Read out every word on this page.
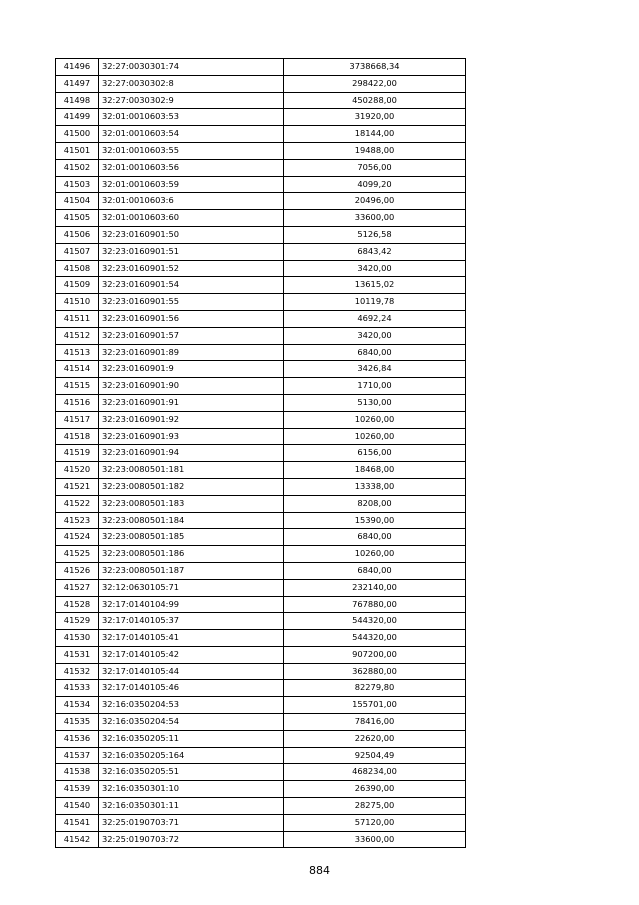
41496	32:27:0030301:74	3738668,34
41497	32:27:0030302:8	298422,00
41498	32:27:0030302:9	450288,00
41499	32:01:0010603:53	31920,00
41500	32:01:0010603:54	18144,00
41501	32:01:0010603:55	19488,00
41502	32:01:0010603:56	7056,00
41503	32:01:0010603:59	4099,20
41504	32:01:0010603:6	20496,00
41505	32:01:0010603:60	33600,00
41506	32:23:0160901:50	5126,58
41507	32:23:0160901:51	6843,42
41508	32:23:0160901:52	3420,00
41509	32:23:0160901:54	13615,02
41510	32:23:0160901:55	10119,78
41511	32:23:0160901:56	4692,24
41512	32:23:0160901:57	3420,00
41513	32:23:0160901:89	6840,00
41514	32:23:0160901:9	3426,84
41515	32:23:0160901:90	1710,00
41516	32:23:0160901:91	5130,00
41517	32:23:0160901:92	10260,00
41518	32:23:0160901:93	10260,00
41519	32:23:0160901:94	6156,00
41520	32:23:0080501:181	18468,00
41521	32:23:0080501:182	13338,00
41522	32:23:0080501:183	8208,00
41523	32:23:0080501:184	15390,00
41524	32:23:0080501:185	6840,00
41525	32:23:0080501:186	10260,00
41526	32:23:0080501:187	6840,00
41527	32:12:0630105:71	232140,00
41528	32:17:0140104:99	767880,00
41529	32:17:0140105:37	544320,00
41530	32:17:0140105:41	544320,00
41531	32:17:0140105:42	907200,00
41532	32:17:0140105:44	362880,00
41533	32:17:0140105:46	82279,80
41534	32:16:0350204:53	155701,00
41535	32:16:0350204:54	78416,00
41536	32:16:0350205:11	22620,00
41537	32:16:0350205:164	92504,49
41538	32:16:0350205:51	468234,00
41539	32:16:0350301:10	26390,00
41540	32:16:0350301:11	28275,00
41541	32:25:0190703:71	57120,00
41542	32:25:0190703:72	33600,00
884
